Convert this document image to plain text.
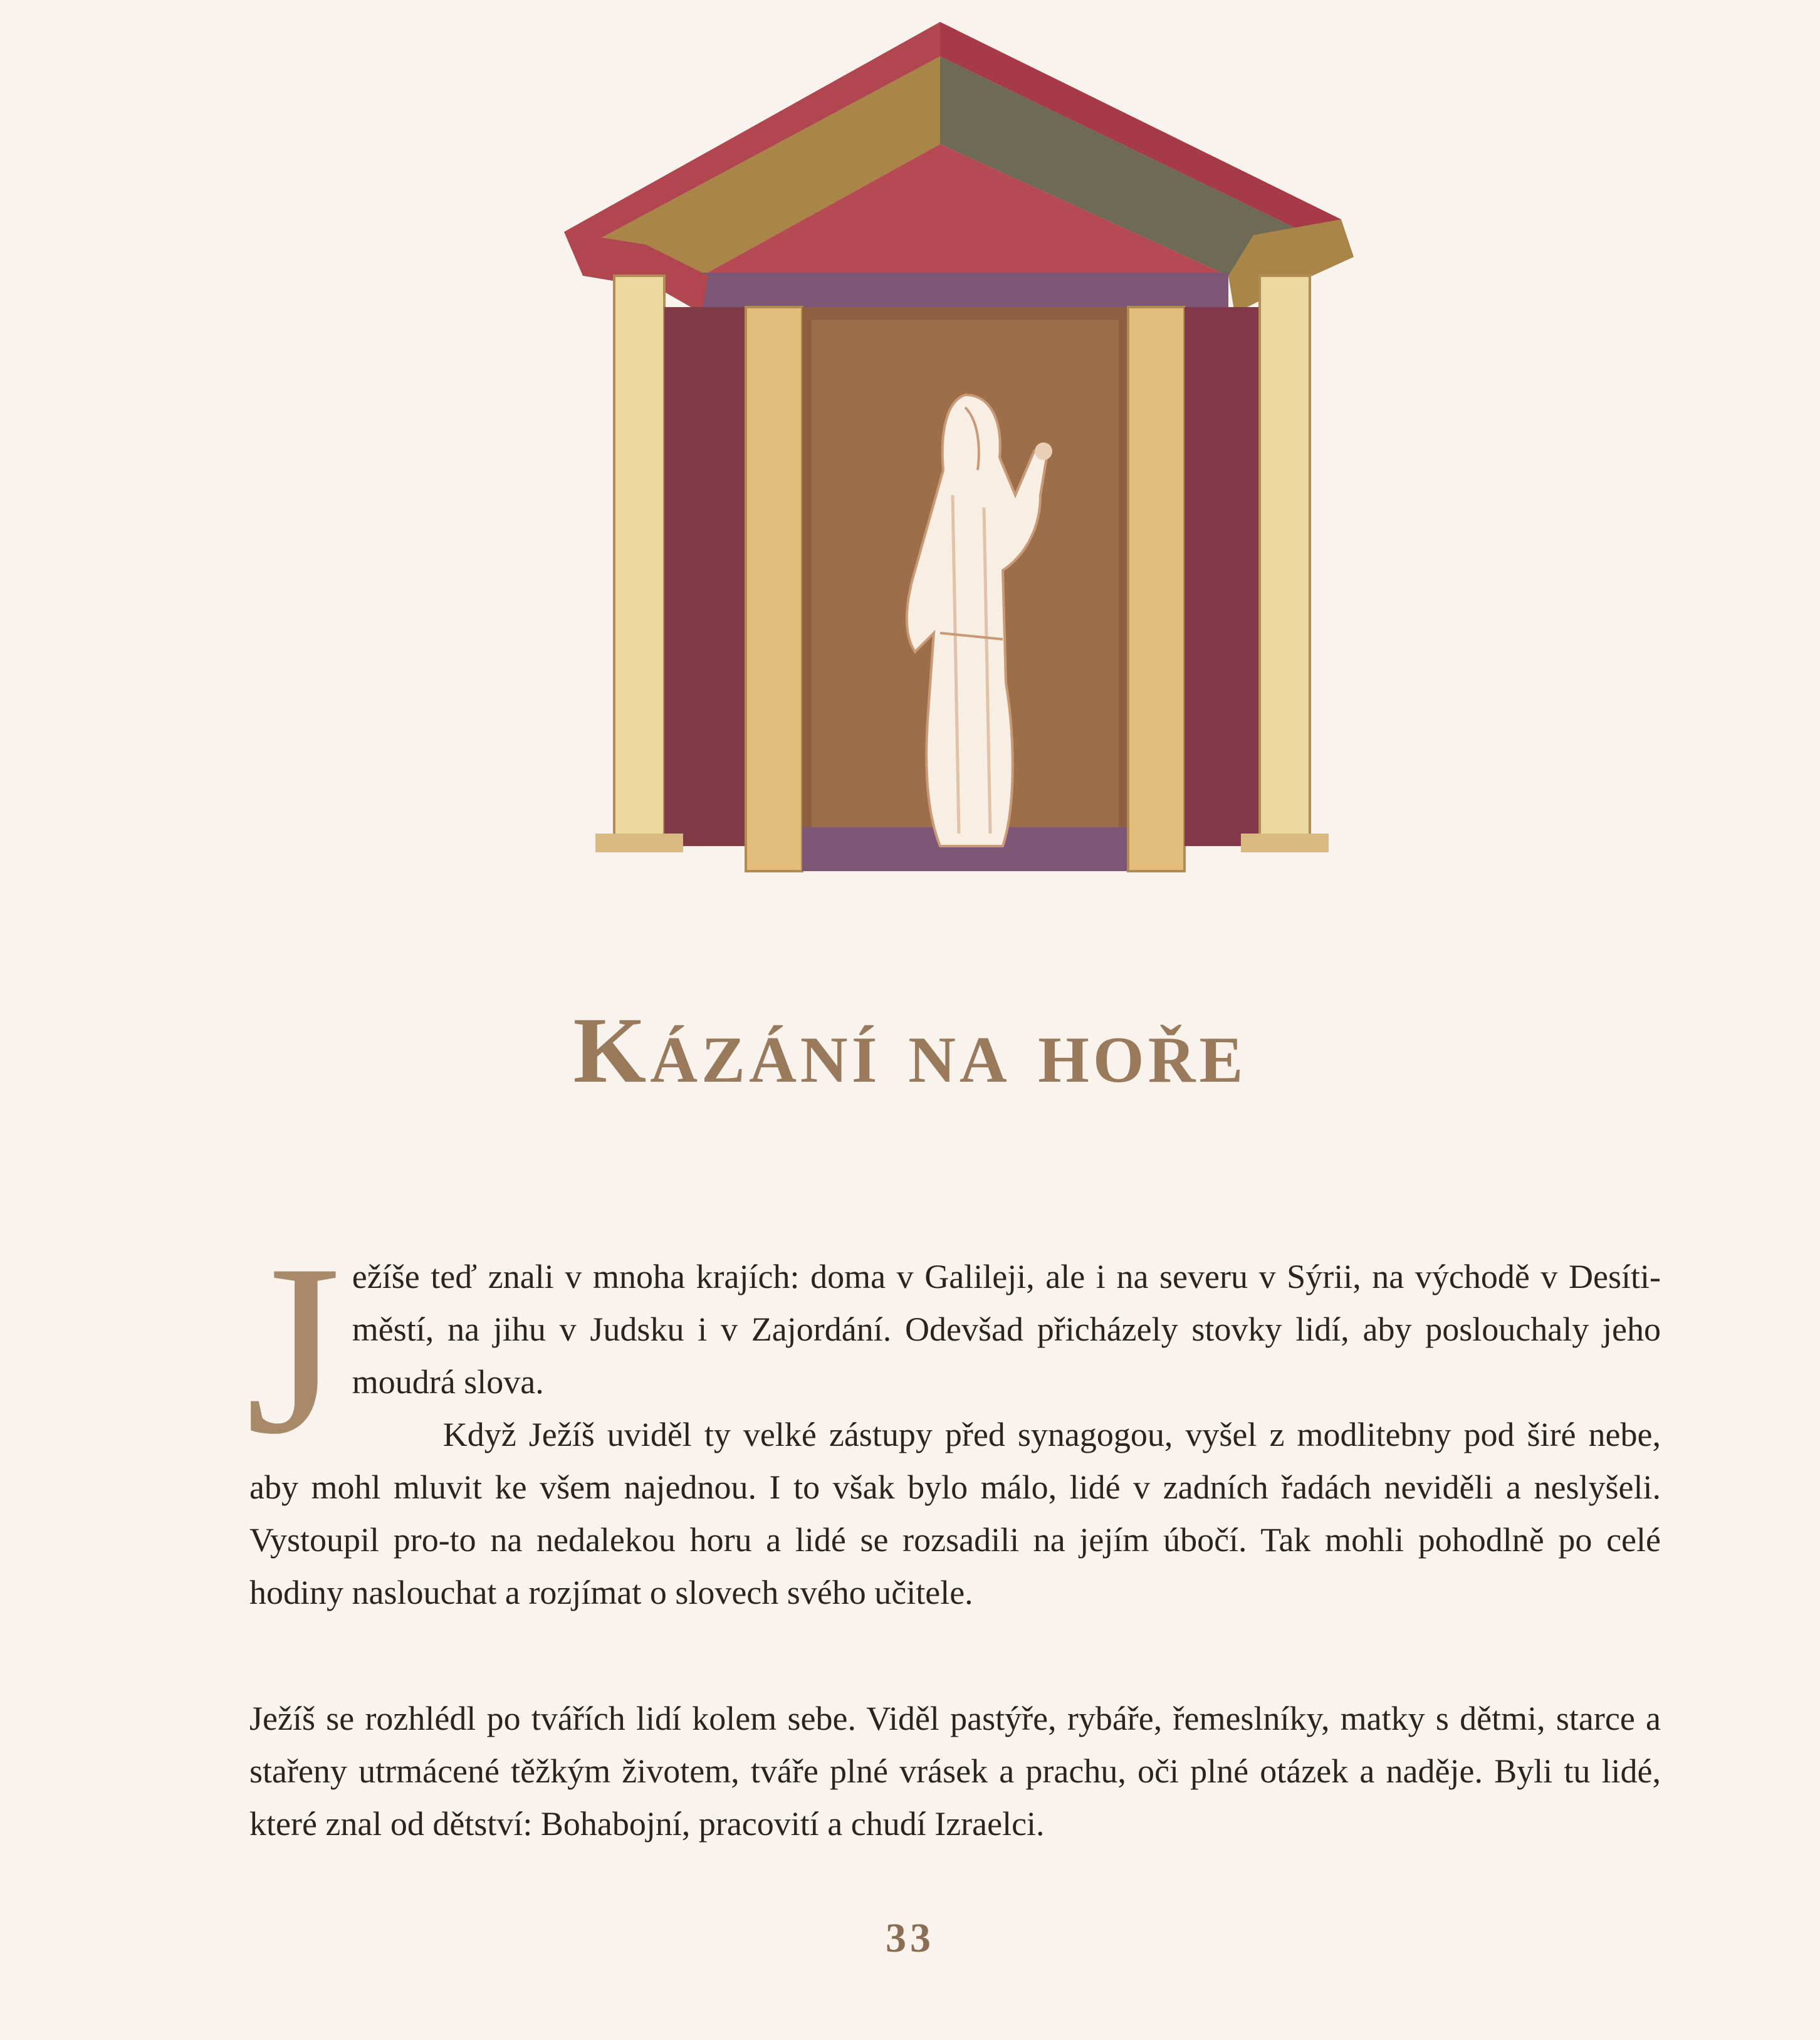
Kázání na hoře
J ežíše teď znali v mnoha krajích: doma v Galileji, ale i na severu v Sýrii, na východě v Desíti-městí, na jihu v Judsku i v Zajordání. Odevšad přicházely stovky lidí, aby poslouchaly jeho moudrá slova.

Když Ježíš uviděl ty velké zástupy před synagogou, vyšel z modlitebny pod širé nebe, aby mohl mluvit ke všem najednou. I to však bylo málo, lidé v zadních řadách neviděli a neslyšeli. Vystoupil pro-to na nedalekou horu a lidé se rozsadili na jejím úbočí. Tak mohli pohodlně po celé hodiny naslouchat a rozjímat o slovech svého učitele.

Ježíš se rozhlédl po tvářích lidí kolem sebe. Viděl pastýře, rybáře, řemeslníky, matky s dětmi, starce a stařeny utrmácené těžkým životem, tváře plné vrásek a prachu, oči plné otázek a naděje. Byli tu lidé, které znal od dětství: Bohabojní, pracovití a chudí Izraelci.

33
